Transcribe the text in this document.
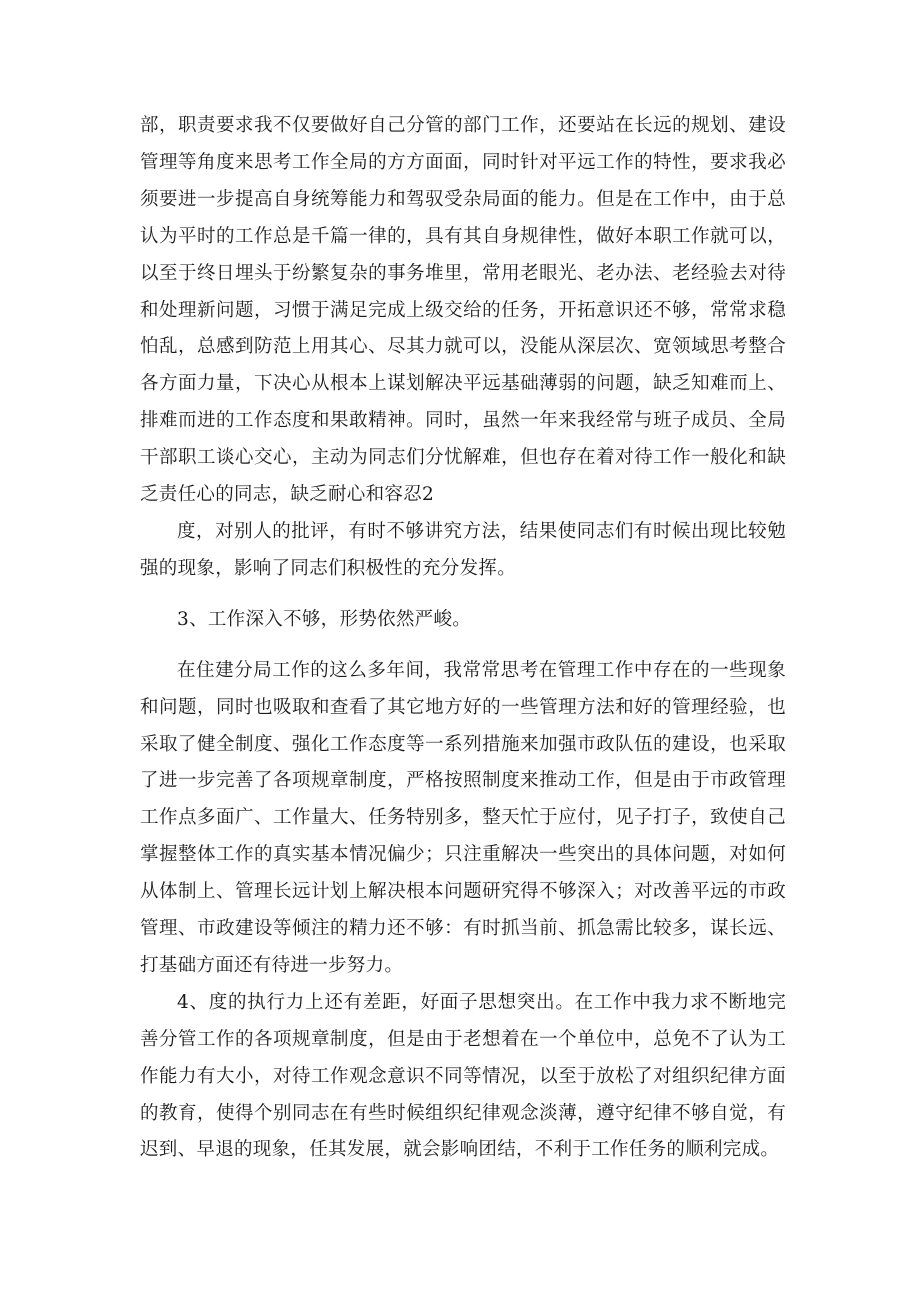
部，职责要求我不仅要做好自己分管的部门工作，还要站在长远的规划、建设管理等角度来思考工作全局的方方面面，同时针对平远工作的特性，要求我必须要进一步提高自身统筹能力和驾驭受杂局面的能力。但是在工作中，由于总认为平时的工作总是千篇一律的，具有其自身规律性，做好本职工作就可以，以至于终日埋头于纷繁复杂的事务堆里，常用老眼光、老办法、老经验去对待和处理新问题，习惯于满足完成上级交给的任务，开拓意识还不够，常常求稳怕乱，总感到防范上用其心、尽其力就可以，没能从深层次、宽领域思考整合各方面力量，下决心从根本上谋划解决平远基础薄弱的问题，缺乏知难而上、排难而进的工作态度和果敢精神。同时，虽然一年来我经常与班子成员、全局干部职工谈心交心，主动为同志们分忧解难，但也存在着对待工作一般化和缺乏责任心的同志，缺乏耐心和容忍2

度，对别人的批评，有时不够讲究方法，结果使同志们有时候出现比较勉强的现象，影响了同志们积极性的充分发挥。

3、工作深入不够，形势依然严峻。

在住建分局工作的这么多年间，我常常思考在管理工作中存在的一些现象和问题，同时也吸取和查看了其它地方好的一些管理方法和好的管理经验，也采取了健全制度、强化工作态度等一系列措施来加强市政队伍的建设，也采取了进一步完善了各项规章制度，严格按照制度来推动工作，但是由于市政管理工作点多面广、工作量大、任务特别多，整天忙于应付，见子打子，致使自己掌握整体工作的真实基本情况偏少；只注重解决一些突出的具体问题，对如何从体制上、管理长远计划上解决根本问题研究得不够深入；对改善平远的市政管理、市政建设等倾注的精力还不够：有时抓当前、抓急需比较多，谋长远、打基础方面还有待进一步努力。

4、度的执行力上还有差距，好面子思想突出。在工作中我力求不断地完善分管工作的各项规章制度，但是由于老想着在一个单位中，总免不了认为工作能力有大小，对待工作观念意识不同等情况，以至于放松了对组织纪律方面的教育，使得个别同志在有些时候组织纪律观念淡薄，遵守纪律不够自觉，有迟到、早退的现象，任其发展，就会影响团结，不利于工作任务的顺利完成。
